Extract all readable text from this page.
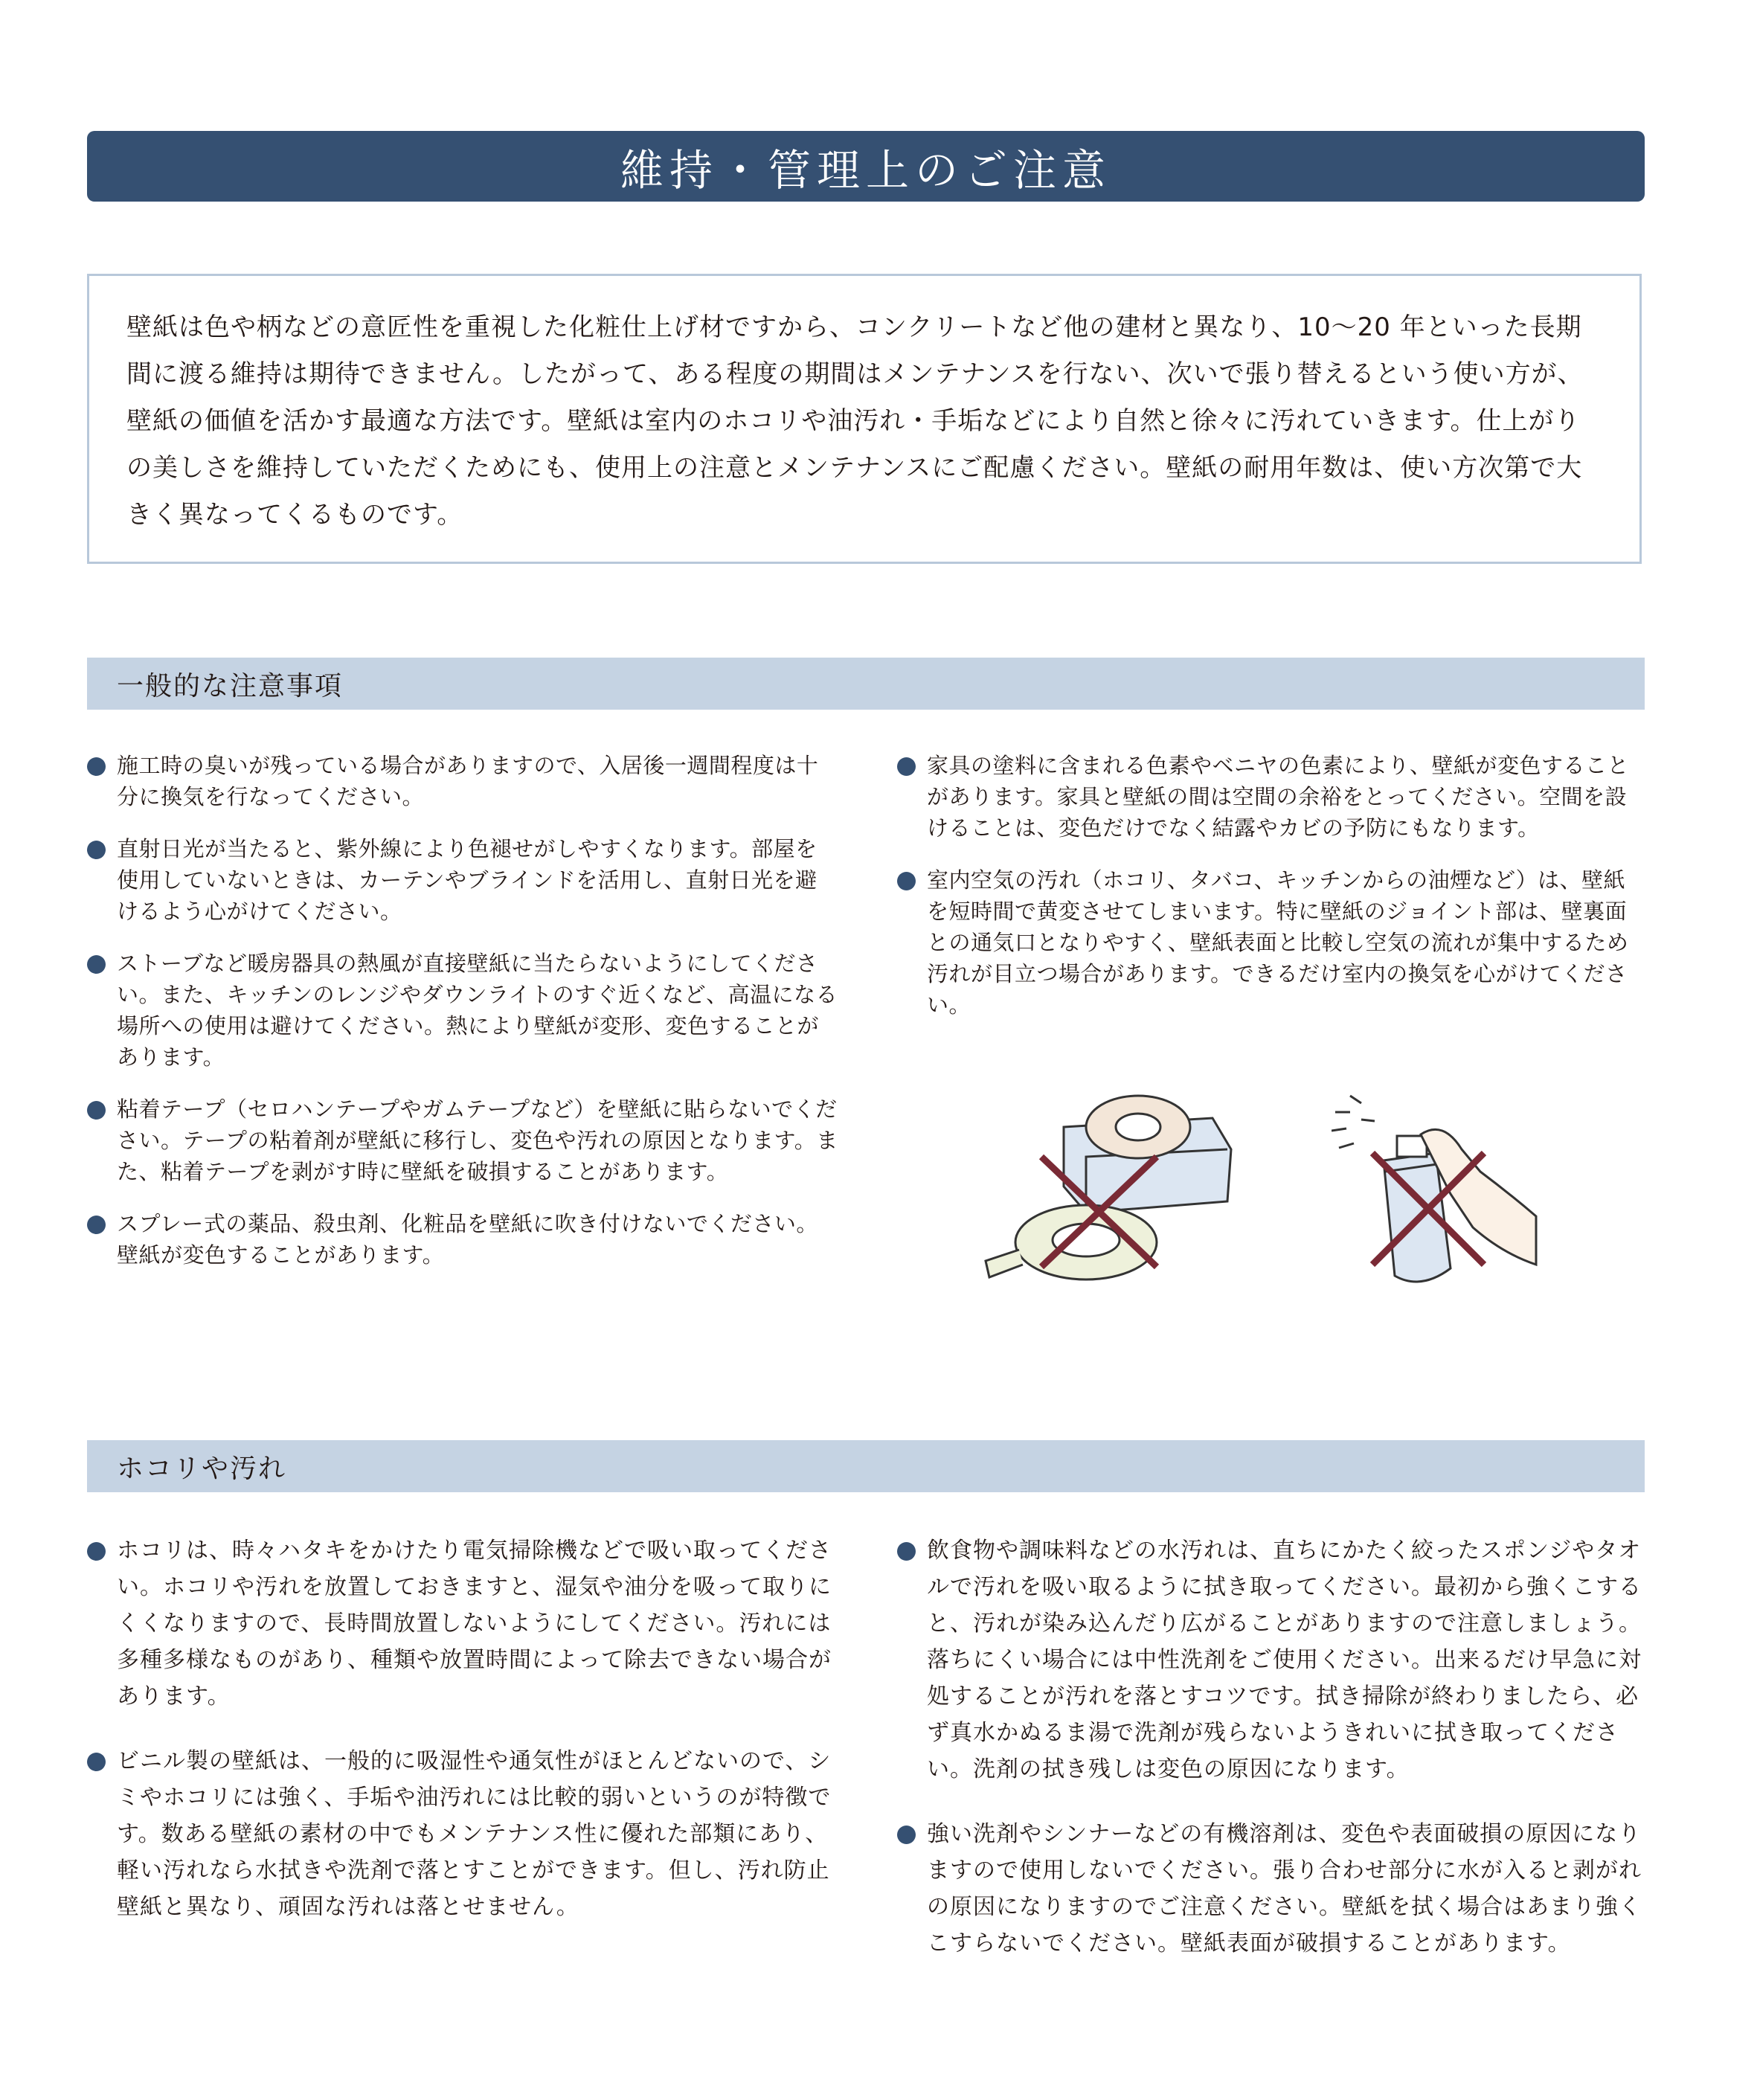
維持・管理上のご注意

壁紙は色や柄などの意匠性を重視した化粧仕上げ材ですから、コンクリートなど他の建材と異なり、10〜20 年といった長期間に渡る維持は期待できません。したがって、ある程度の期間はメンテナンスを行ない、次いで張り替えるという使い方が、壁紙の価値を活かす最適な方法です。壁紙は室内のホコリや油汚れ・手垢などにより自然と徐々に汚れていきます。仕上がりの美しさを維持していただくためにも、使用上の注意とメンテナンスにご配慮ください。壁紙の耐用年数は、使い方次第で大きく異なってくるものです。

一般的な注意事項
施工時の臭いが残っている場合がありますので、入居後一週間程度は十分に換気を行なってください。
直射日光が当たると、紫外線により色褪せがしやすくなります。部屋を使用していないときは、カーテンやブラインドを活用し、直射日光を避けるよう心がけてください。
ストーブなど暖房器具の熱風が直接壁紙に当たらないようにしてください。また、キッチンのレンジやダウンライトのすぐ近くなど、高温になる場所への使用は避けてください。熱により壁紙が変形、変色することがあります。
粘着テープ（セロハンテープやガムテープなど）を壁紙に貼らないでください。テープの粘着剤が壁紙に移行し、変色や汚れの原因となります。また、粘着テープを剥がす時に壁紙を破損することがあります。
スプレー式の薬品、殺虫剤、化粧品を壁紙に吹き付けないでください。壁紙が変色することがあります。
家具の塗料に含まれる色素やベニヤの色素により、壁紙が変色することがあります。家具と壁紙の間は空間の余裕をとってください。空間を設けることは、変色だけでなく結露やカビの予防にもなります。
室内空気の汚れ（ホコリ、タバコ、キッチンからの油煙など）は、壁紙を短時間で黄変させてしまいます。特に壁紙のジョイント部は、壁裏面との通気口となりやすく、壁紙表面と比較し空気の流れが集中するため汚れが目立つ場合があります。できるだけ室内の換気を心がけてください。
ホコリや汚れ
ホコリは、時々ハタキをかけたり電気掃除機などで吸い取ってください。ホコリや汚れを放置しておきますと、湿気や油分を吸って取りにくくなりますので、長時間放置しないようにしてください。汚れには多種多様なものがあり、種類や放置時間によって除去できない場合があります。
ビニル製の壁紙は、一般的に吸湿性や通気性がほとんどないので、シミやホコリには強く、手垢や油汚れには比較的弱いというのが特徴です。数ある壁紙の素材の中でもメンテナンス性に優れた部類にあり、軽い汚れなら水拭きや洗剤で落とすことができます。但し、汚れ防止壁紙と異なり、頑固な汚れは落とせません。
飲食物や調味料などの水汚れは、直ちにかたく絞ったスポンジやタオルで汚れを吸い取るように拭き取ってください。最初から強くこすると、汚れが染み込んだり広がることがありますので注意しましょう。落ちにくい場合には中性洗剤をご使用ください。出来るだけ早急に対処することが汚れを落とすコツです。拭き掃除が終わりましたら、必ず真水かぬるま湯で洗剤が残らないようきれいに拭き取ってください。洗剤の拭き残しは変色の原因になります。
強い洗剤やシンナーなどの有機溶剤は、変色や表面破損の原因になりますので使用しないでください。張り合わせ部分に水が入ると剥がれの原因になりますのでご注意ください。壁紙を拭く場合はあまり強くこすらないでください。壁紙表面が破損することがあります。
